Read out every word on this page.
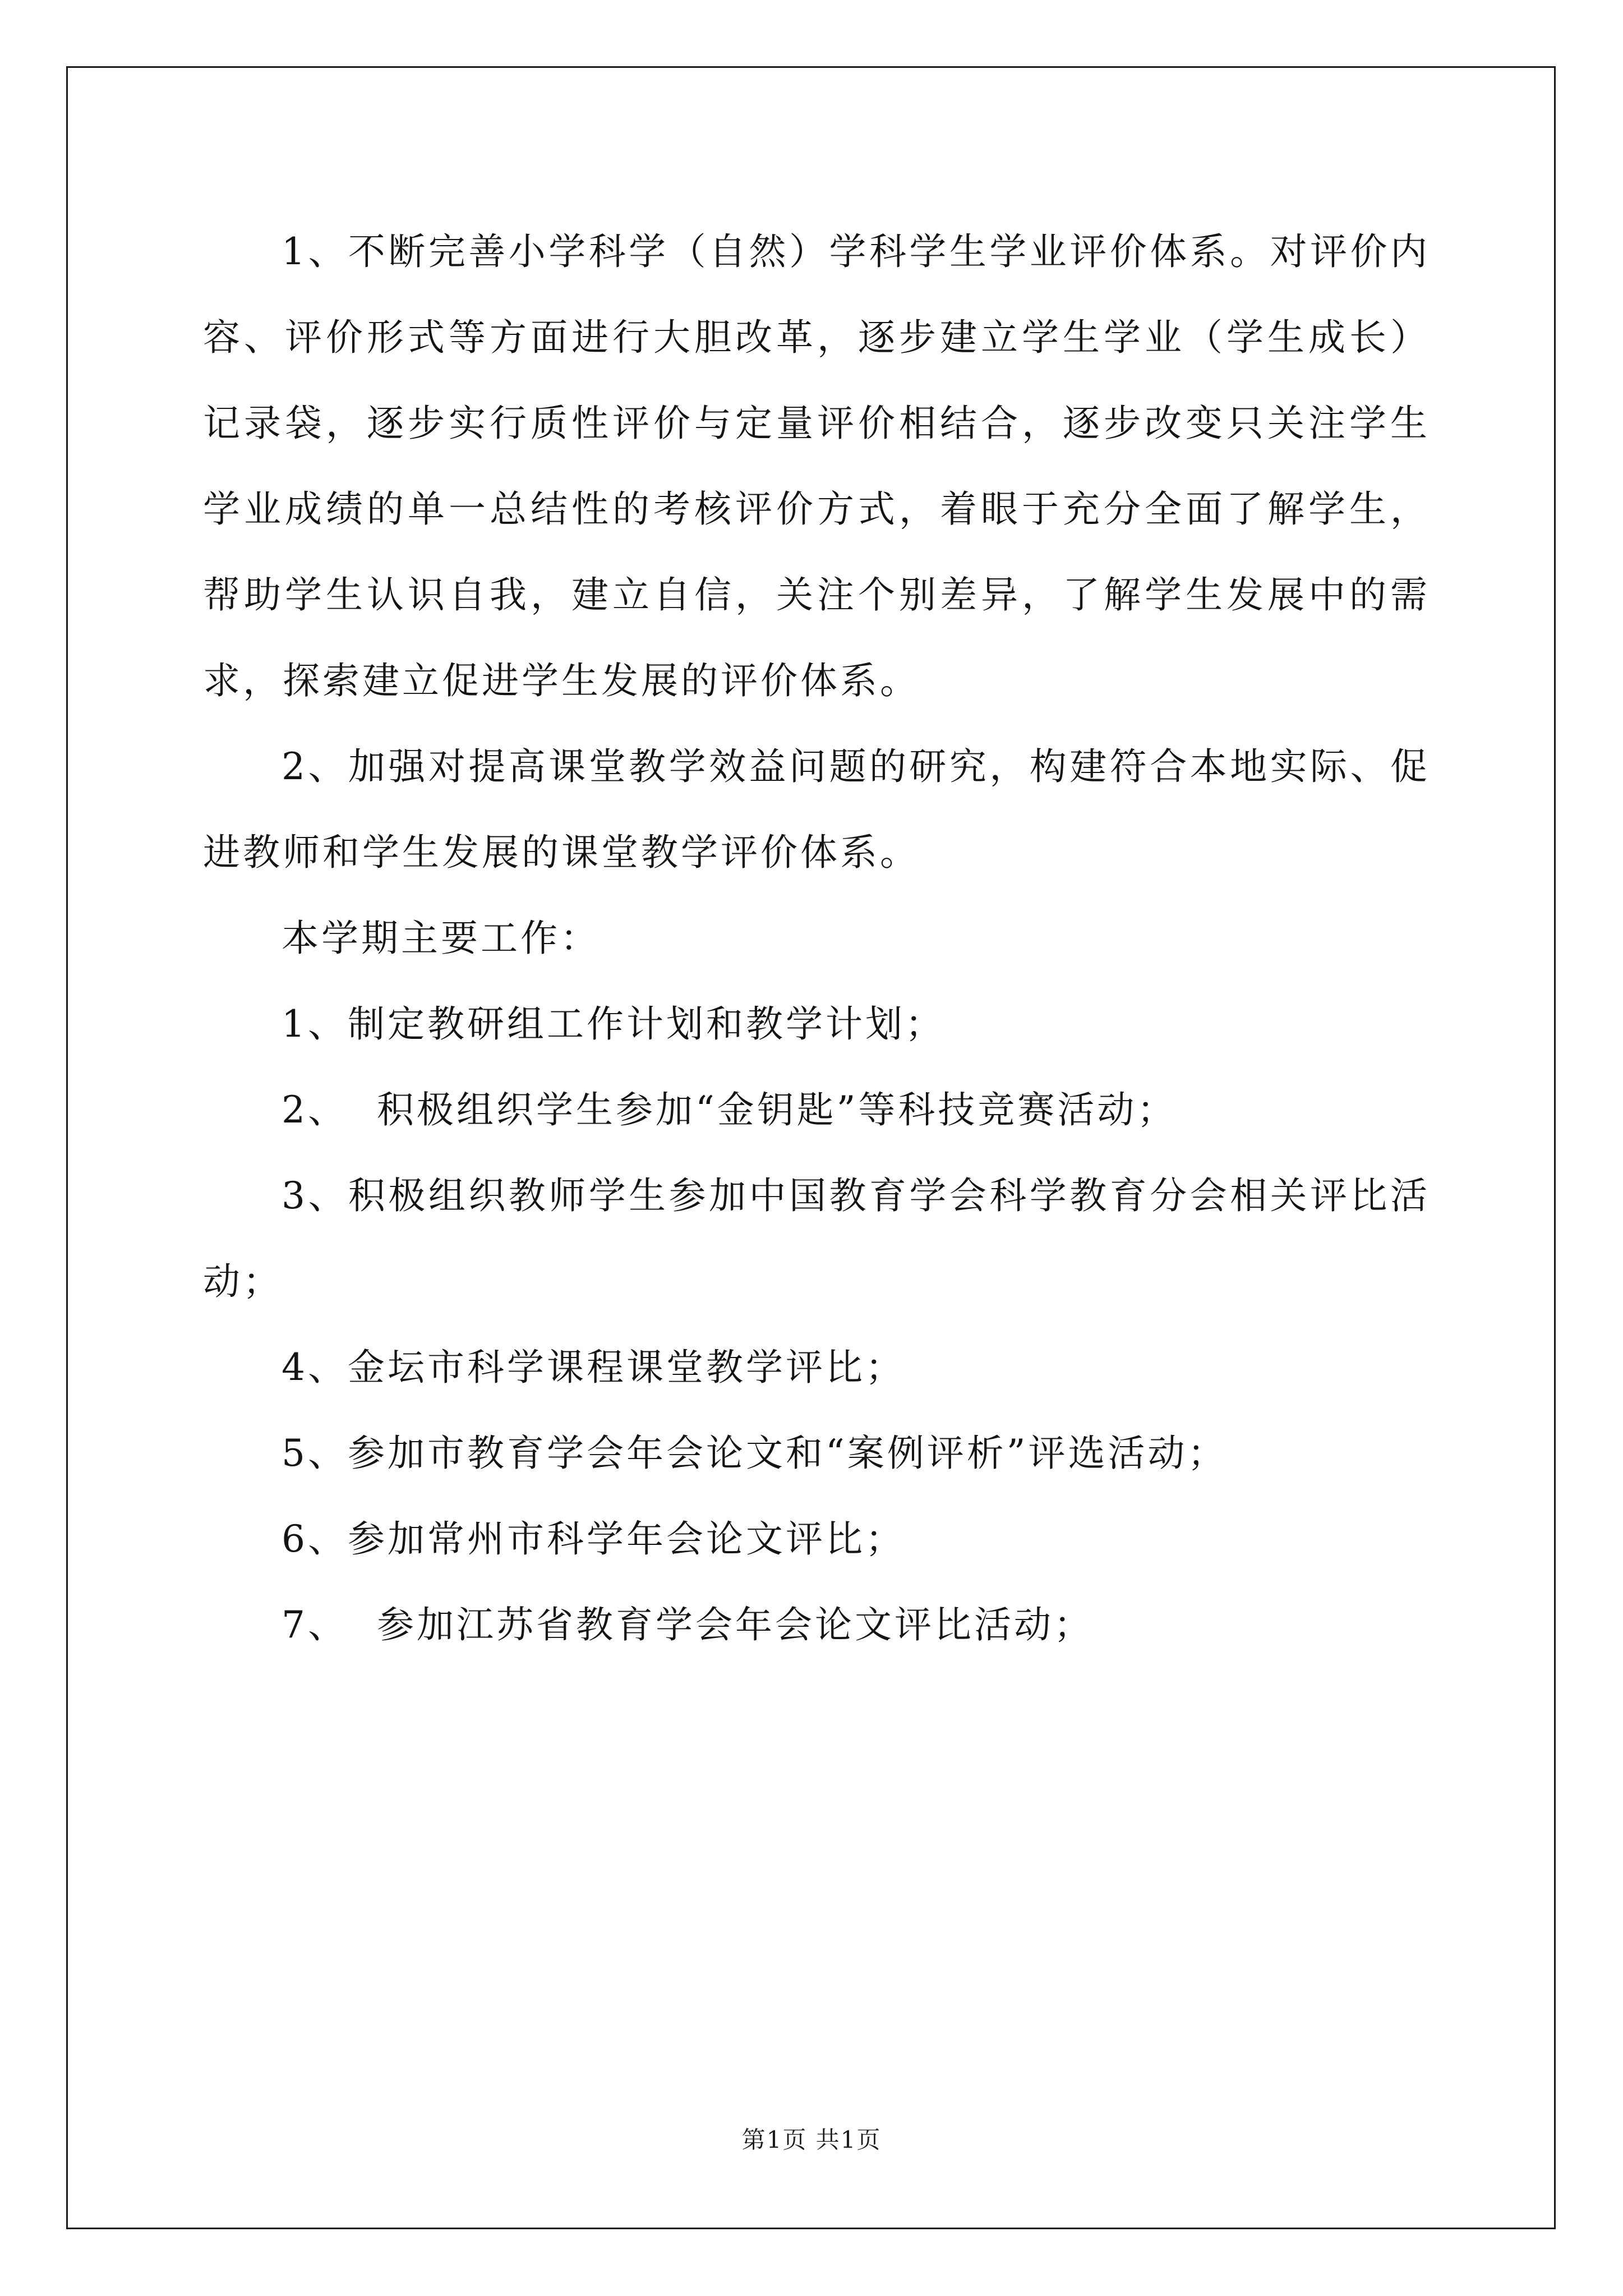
1、不断完善小学科学（自然）学科学生学业评价体系。对评价内容、评价形式等方面进行大胆改革，逐步建立学生学业（学生成长）记录袋，逐步实行质性评价与定量评价相结合，逐步改变只关注学生学业成绩的单一总结性的考核评价方式，着眼于充分全面了解学生，帮助学生认识自我，建立自信，关注个别差异，了解学生发展中的需求，探索建立促进学生发展的评价体系。

2、加强对提高课堂教学效益问题的研究，构建符合本地实际、促进教师和学生发展的课堂教学评价体系。

本学期主要工作：

1、制定教研组工作计划和教学计划；

2、  积极组织学生参加“金钥匙”等科技竞赛活动；

3、积极组织教师学生参加中国教育学会科学教育分会相关评比活动；

4、金坛市科学课程课堂教学评比；

5、参加市教育学会年会论文和“案例评析”评选活动；

6、参加常州市科学年会论文评比；

7、  参加江苏省教育学会年会论文评比活动；

第1页 共1页
